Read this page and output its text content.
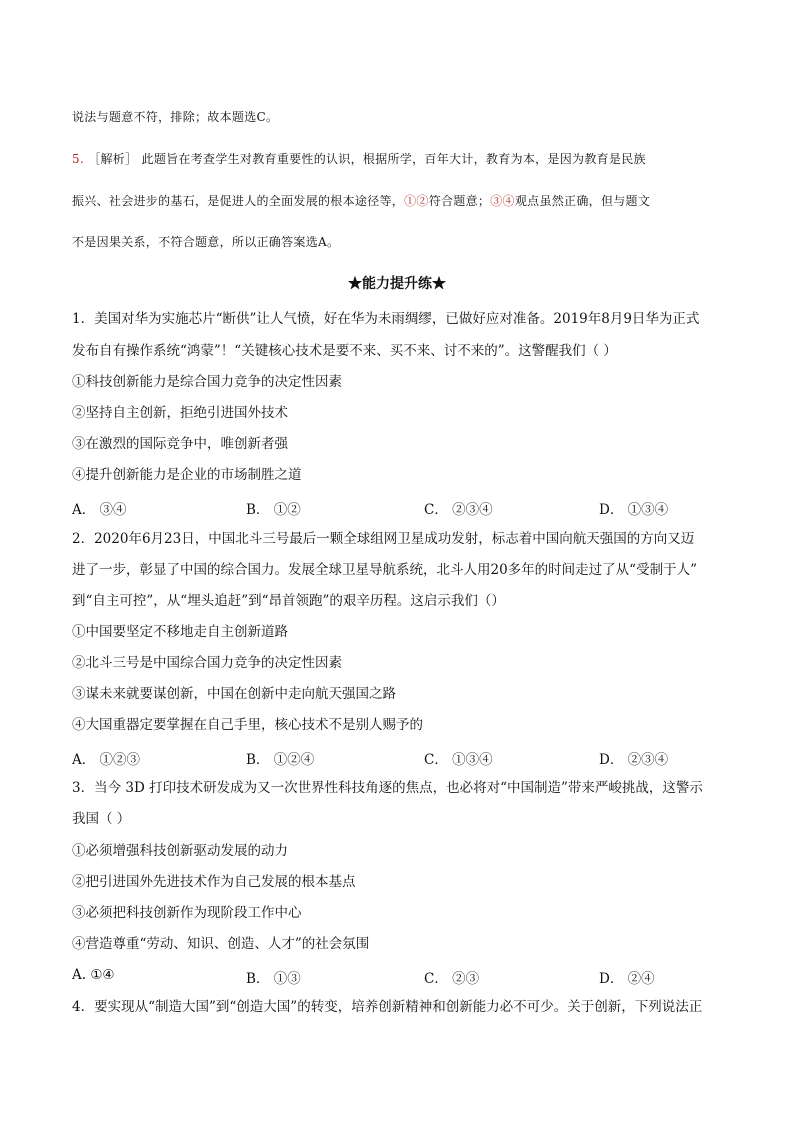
说法与题意不符，排除；故本题选C。
5. ［解析］ 此题旨在考查学生对教育重要性的认识，根据所学，百年大计，教育为本，是因为教育是民族
振兴、社会进步的基石，是促进人的全面发展的根本途径等，①②符合题意；③④观点虽然正确，但与题文
不是因果关系，不符合题意，所以正确答案选A。
★能力提升练★
1．美国对华为实施芯片“断供”让人气愤，好在华为未雨绸缪，已做好应对准备。2019年8月9日华为正式
发布自有操作系统“鸿蒙”！“关键核心技术是要不来、买不来、讨不来的”。这警醒我们（ ）
①科技创新能力是综合国力竞争的决定性因素
②坚持自主创新，拒绝引进国外技术
③在激烈的国际竞争中，唯创新者强
④提升创新能力是企业的市场制胜之道
A． ③④	B． ①②	C． ②③④	D． ①③④
2．2020年6月23日，中国北斗三号最后一颗全球组网卫星成功发射，标志着中国向航天强国的方向又迈
进了一步，彰显了中国的综合国力。发展全球卫星导航系统，北斗人用20多年的时间走过了从“受制于人”
到“自主可控”，从“埋头追赶”到“昂首领跑”的艰辛历程。这启示我们（）
①中国要坚定不移地走自主创新道路
②北斗三号是中国综合国力竞争的决定性因素
③谋未来就要谋创新，中国在创新中走向航天强国之路
④大国重器定要掌握在自己手里，核心技术不是别人赐予的
A． ①②③	B． ①②④	C． ①③④	D． ②③④
3．当今 3D 打印技术研发成为又一次世界性科技角逐的焦点，也必将对“中国制造”带来严峻挑战，这警示
我国（ ）
①必须增强科技创新驱动发展的动力
②把引进国外先进技术作为自己发展的根本基点
③必须把科技创新作为现阶段工作中心
④营造尊重“劳动、知识、创造、人才”的社会氛围
A. ①④	B． ①③	C． ②③	D． ②④
4．要实现从“制造大国”到“创造大国”的转变，培养创新精神和创新能力必不可少。关于创新，下列说法正
